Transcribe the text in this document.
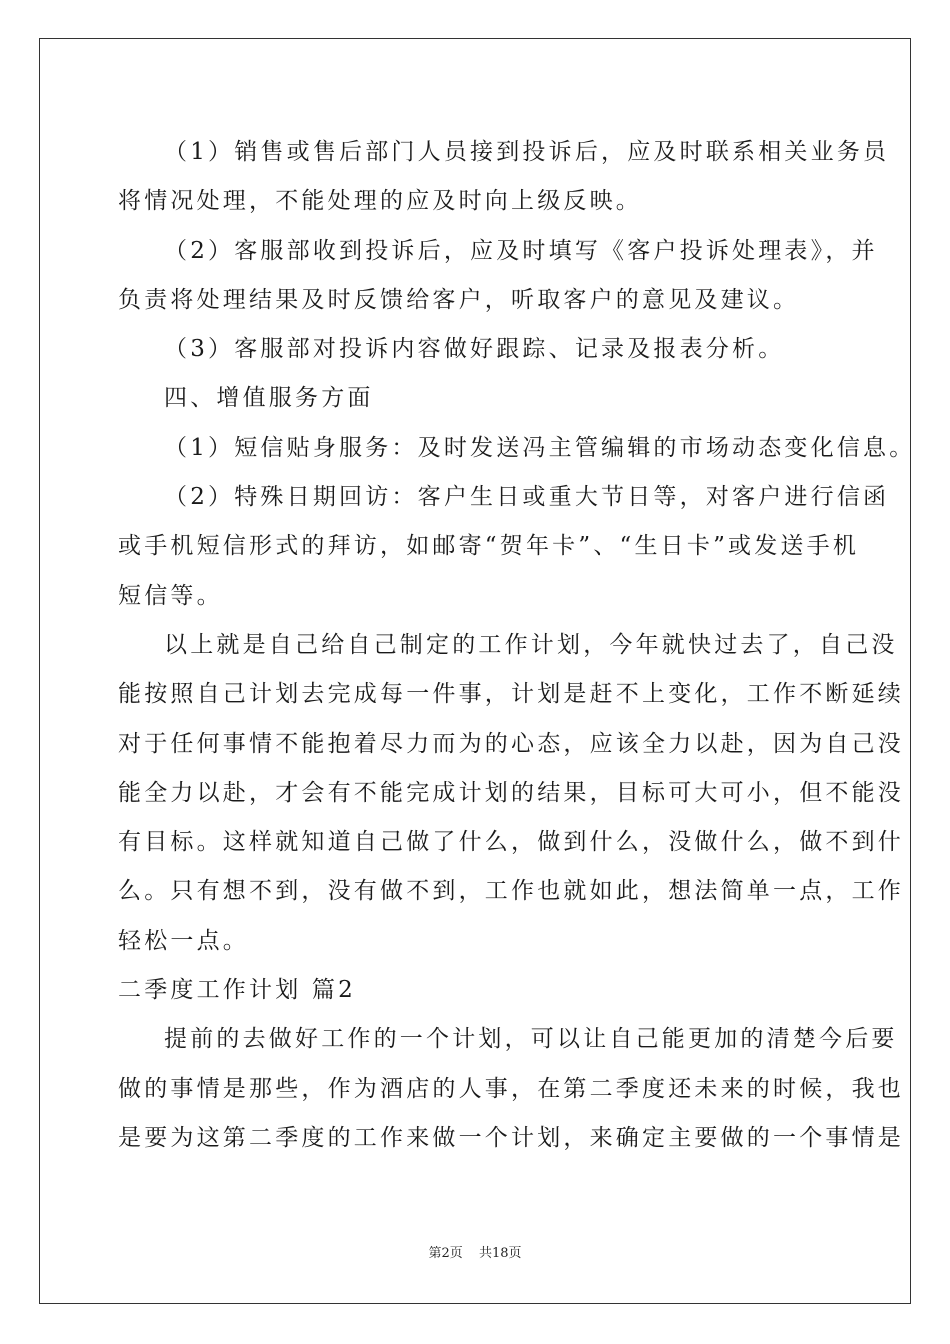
（1）销售或售后部门人员接到投诉后，应及时联系相关业务员
将情况处理，不能处理的应及时向上级反映。
（2）客服部收到投诉后，应及时填写《客户投诉处理表》，并
负责将处理结果及时反馈给客户，听取客户的意见及建议。
（3）客服部对投诉内容做好跟踪、记录及报表分析。
四、增值服务方面
（1）短信贴身服务：及时发送冯主管编辑的市场动态变化信息。
（2）特殊日期回访：客户生日或重大节日等，对客户进行信函
或手机短信形式的拜访，如邮寄“贺年卡”、“生日卡”或发送手机
短信等。
以上就是自己给自己制定的工作计划，今年就快过去了，自己没
能按照自己计划去完成每一件事，计划是赶不上变化，工作不断延续
对于任何事情不能抱着尽力而为的心态，应该全力以赴，因为自己没
能全力以赴，才会有不能完成计划的结果，目标可大可小，但不能没
有目标。这样就知道自己做了什么，做到什么，没做什么，做不到什
么。只有想不到，没有做不到，工作也就如此，想法简单一点，工作
轻松一点。
二季度工作计划 篇2
提前的去做好工作的一个计划，可以让自己能更加的清楚今后要
做的事情是那些，作为酒店的人事，在第二季度还未来的时候，我也
是要为这第二季度的工作来做一个计划，来确定主要做的一个事情是
第2页 共18页
